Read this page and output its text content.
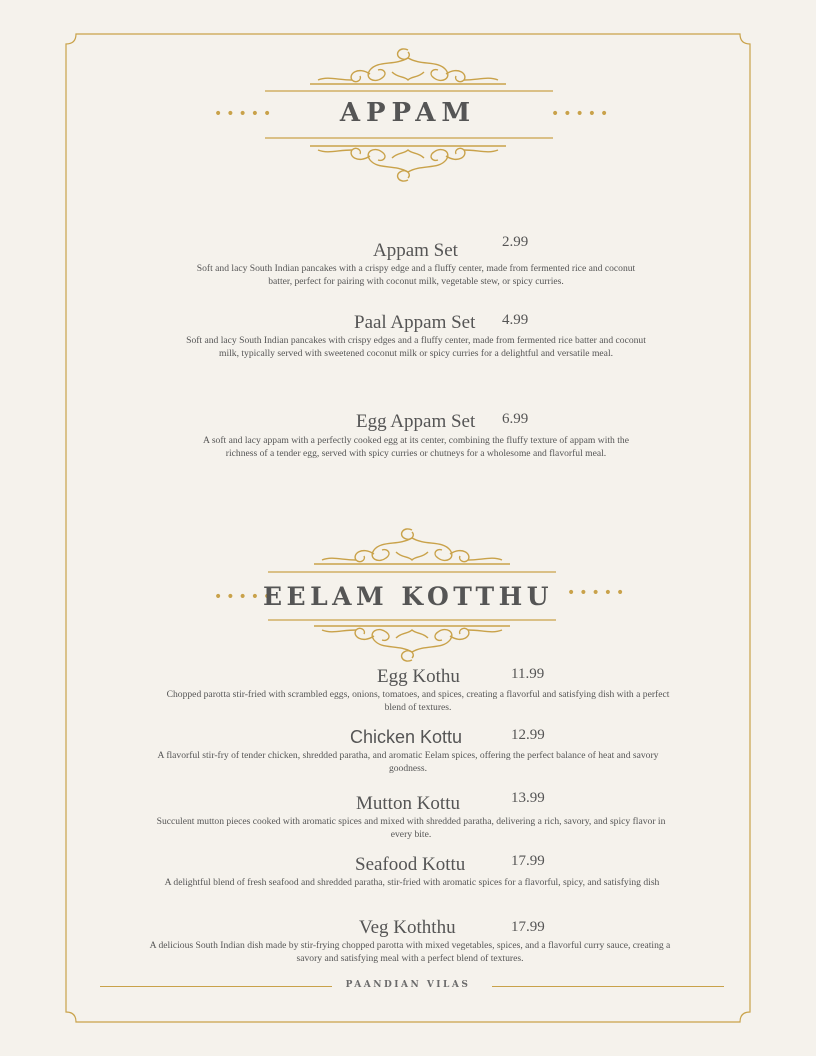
•••••	•••••
APPAM
Appam Set	2.99
Soft and lacy South Indian pancakes with a crispy edge and a fluffy center, made from fermented rice and coconut batter, perfect for pairing with coconut milk, vegetable stew, or spicy curries.
Paal Appam Set 4.99
Soft and lacy South Indian pancakes with crispy edges and a fluffy center, made from fermented rice batter and coconut milk, typically served with sweetened coconut milk or spicy curries for a delightful and versatile meal.
Egg Appam Set 6.99
A soft and lacy appam with a perfectly cooked egg at its center, combining the fluffy texture of appam with the richness of a tender egg, served with spicy curries or chutneys for a wholesome and flavorful meal.
•••••	•••••
EELAM KOTTHU
Egg Kothu	11.99
Chopped parotta stir-fried with scrambled eggs, onions, tomatoes, and spices, creating a flavorful and satisfying dish with a perfect blend of textures.
Chicken Kottu	12.99
A flavorful stir-fry of tender chicken, shredded paratha, and aromatic Eelam spices, offering the perfect balance of heat and savory goodness.
Mutton Kottu	13.99
Succulent mutton pieces cooked with aromatic spices and mixed with shredded paratha, delivering a rich, savory, and spicy flavor in every bite.
Seafood Kottu	17.99
A delightful blend of fresh seafood and shredded paratha, stir-fried with aromatic spices for a flavorful, spicy, and satisfying dish
Veg Koththu	17.99
A delicious South Indian dish made by stir-frying chopped parotta with mixed vegetables, spices, and a flavorful curry sauce, creating a savory and satisfying meal with a perfect blend of textures.
PAANDIAN VILAS
